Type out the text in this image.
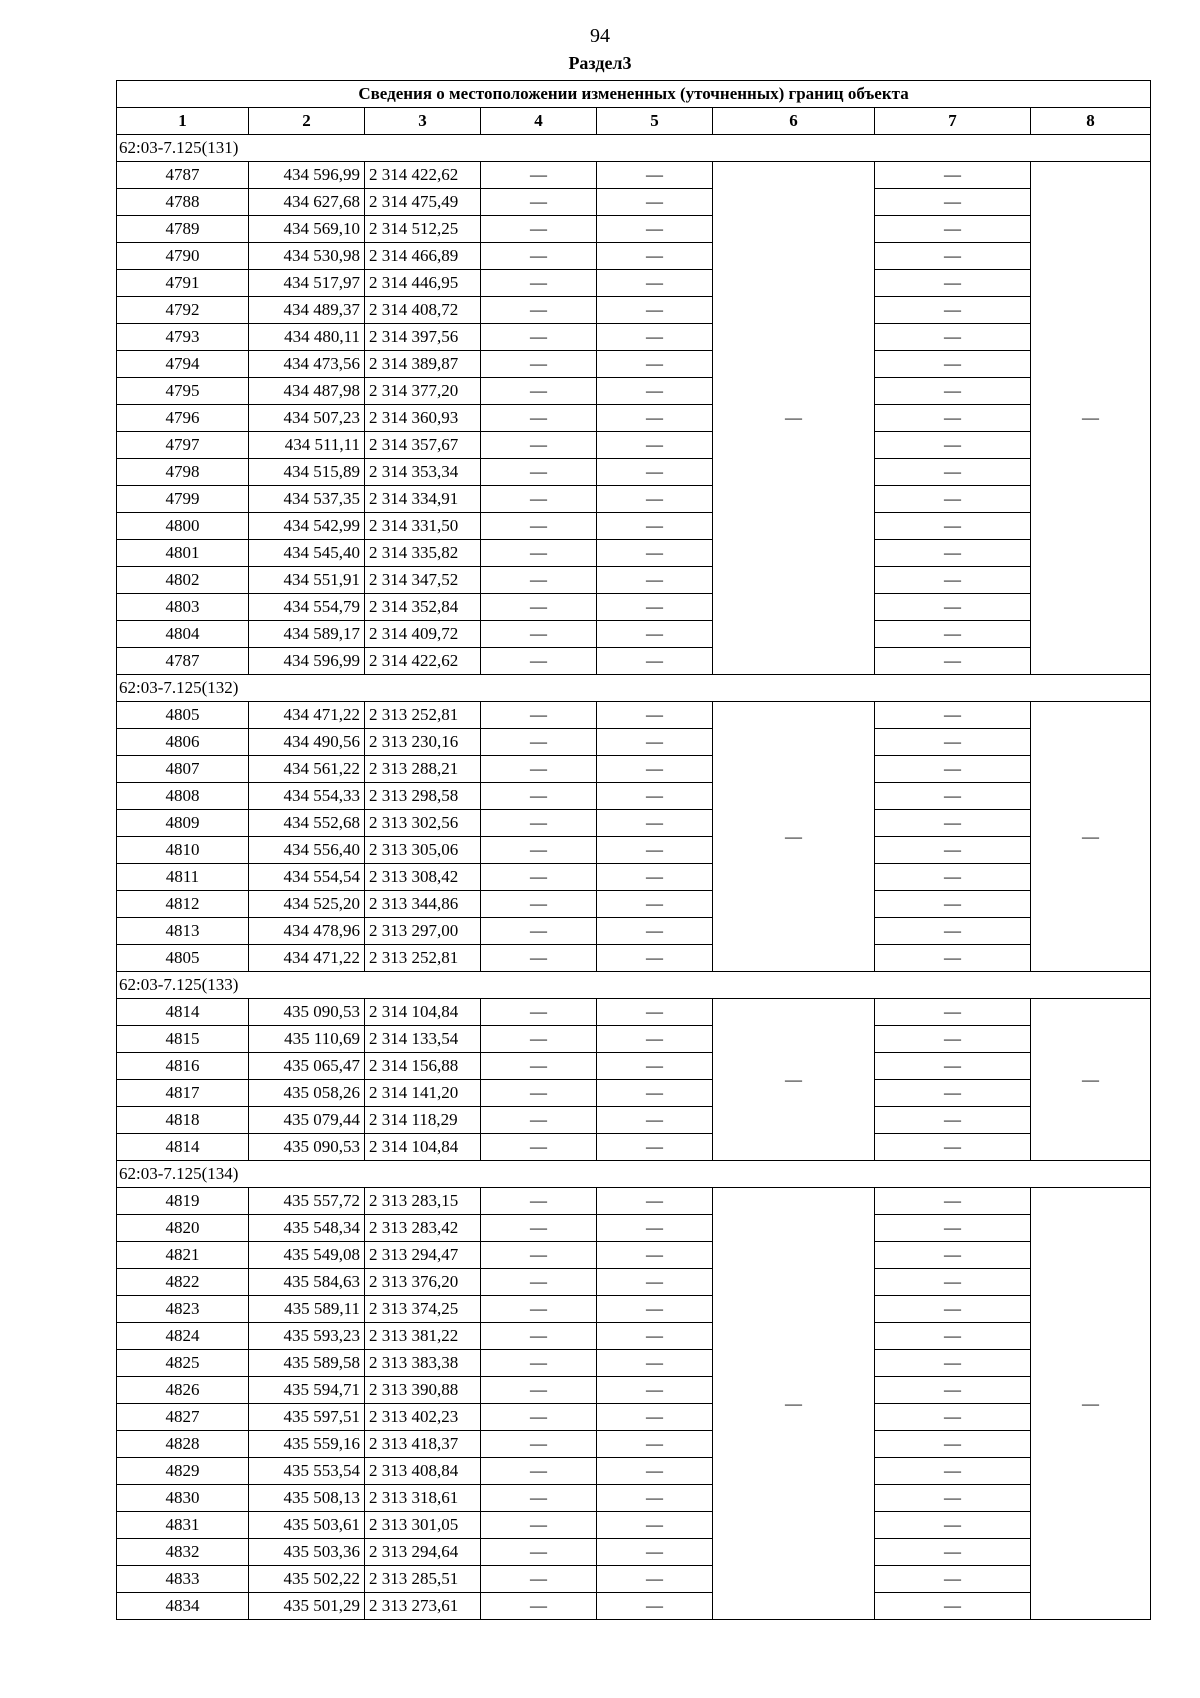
94
Раздел3
Сведения о местоположении измененных (уточненных) границ объекта							
1	2	3	4	5	6	7	8
62:03-7.125(131)							
4787	434 596,99	2 314 422,62	—	—	—	—	—
4788	434 627,68	2 314 475,49	—	—		—	
4789	434 569,10	2 314 512,25	—	—		—	
4790	434 530,98	2 314 466,89	—	—		—	
4791	434 517,97	2 314 446,95	—	—		—	
4792	434 489,37	2 314 408,72	—	—		—	
4793	434 480,11	2 314 397,56	—	—		—	
4794	434 473,56	2 314 389,87	—	—		—	
4795	434 487,98	2 314 377,20	—	—		—	
4796	434 507,23	2 314 360,93	—	—		—	
4797	434 511,11	2 314 357,67	—	—		—	
4798	434 515,89	2 314 353,34	—	—		—	
4799	434 537,35	2 314 334,91	—	—		—	
4800	434 542,99	2 314 331,50	—	—		—	
4801	434 545,40	2 314 335,82	—	—		—	
4802	434 551,91	2 314 347,52	—	—		—	
4803	434 554,79	2 314 352,84	—	—		—	
4804	434 589,17	2 314 409,72	—	—		—	
4787	434 596,99	2 314 422,62	—	—		—	
62:03-7.125(132)							
4805	434 471,22	2 313 252,81	—	—	—	—	—
4806	434 490,56	2 313 230,16	—	—		—	
4807	434 561,22	2 313 288,21	—	—		—	
4808	434 554,33	2 313 298,58	—	—		—	
4809	434 552,68	2 313 302,56	—	—		—	
4810	434 556,40	2 313 305,06	—	—		—	
4811	434 554,54	2 313 308,42	—	—		—	
4812	434 525,20	2 313 344,86	—	—		—	
4813	434 478,96	2 313 297,00	—	—		—	
4805	434 471,22	2 313 252,81	—	—		—	
62:03-7.125(133)							
4814	435 090,53	2 314 104,84	—	—	—	—	—
4815	435 110,69	2 314 133,54	—	—		—	
4816	435 065,47	2 314 156,88	—	—		—	
4817	435 058,26	2 314 141,20	—	—		—	
4818	435 079,44	2 314 118,29	—	—		—	
4814	435 090,53	2 314 104,84	—	—		—	
62:03-7.125(134)							
4819	435 557,72	2 313 283,15	—	—	—	—	—
4820	435 548,34	2 313 283,42	—	—		—	
4821	435 549,08	2 313 294,47	—	—		—	
4822	435 584,63	2 313 376,20	—	—		—	
4823	435 589,11	2 313 374,25	—	—		—	
4824	435 593,23	2 313 381,22	—	—		—	
4825	435 589,58	2 313 383,38	—	—		—	
4826	435 594,71	2 313 390,88	—	—		—	
4827	435 597,51	2 313 402,23	—	—		—	
4828	435 559,16	2 313 418,37	—	—		—	
4829	435 553,54	2 313 408,84	—	—		—	
4830	435 508,13	2 313 318,61	—	—		—	
4831	435 503,61	2 313 301,05	—	—		—	
4832	435 503,36	2 313 294,64	—	—		—	
4833	435 502,22	2 313 285,51	—	—		—	
4834	435 501,29	2 313 273,61	—	—		—	
